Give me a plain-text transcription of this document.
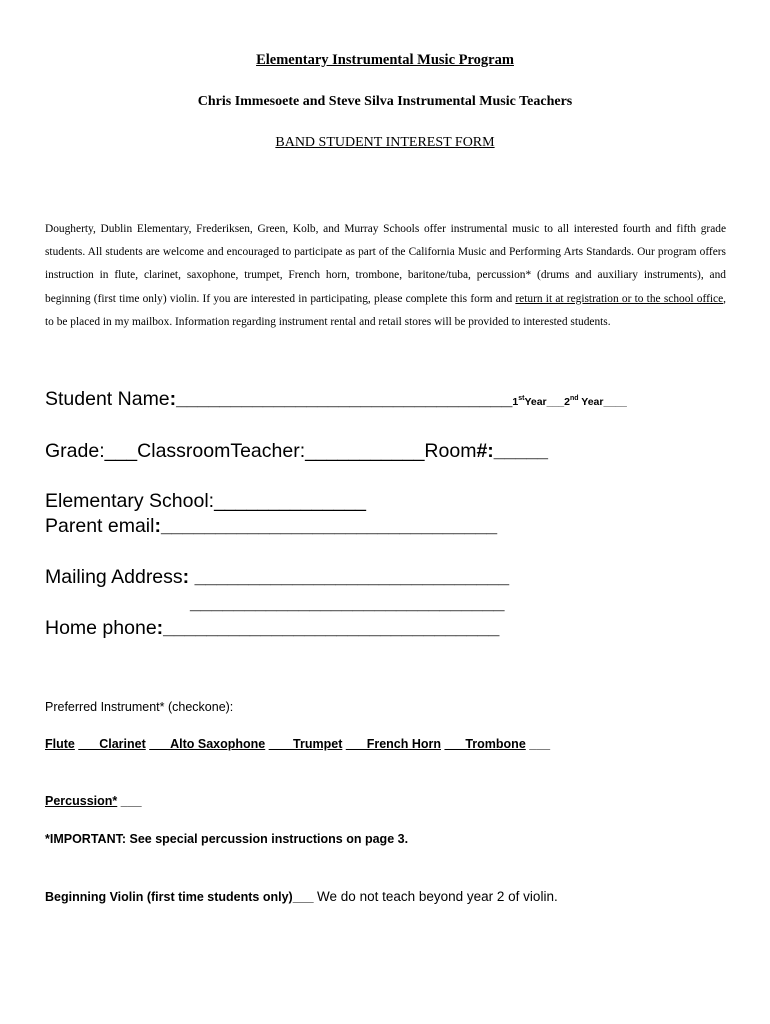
Elementary Instrumental Music Program
Chris Immesoete and Steve Silva Instrumental Music Teachers
BAND STUDENT INTEREST FORM
Dougherty, Dublin Elementary, Frederiksen, Green, Kolb, and Murray Schools offer instrumental music to all interested fourth and fifth grade students. All students are welcome and encouraged to participate as part of the California Music and Performing Arts Standards. Our program offers instruction in flute, clarinet, saxophone, trumpet, French horn, trombone, baritone/tuba, percussion* (drums and auxiliary instruments), and beginning (first time only) violin. If you are interested in participating, please complete this form and return it at registration or to the school office, to be placed in my mailbox. Information regarding instrument rental and retail stores will be provided to interested students.
Student Name:_______________________________1stYear___2nd Year____
Grade:___ClassroomTeacher:___________Room#:_____
Elementary School:______________
Parent email:_______________________________
Mailing Address: _____________________________
_____________________________
Home phone:_______________________________
Preferred Instrument* (checkone):
Flute ___Clarinet ___Alto Saxophone ___ Trumpet ___French Horn ___Trombone ___
Percussion* ___
*IMPORTANT: See special percussion instructions on page 3.
Beginning Violin (first time students only)___ We do not teach beyond year 2 of violin.
